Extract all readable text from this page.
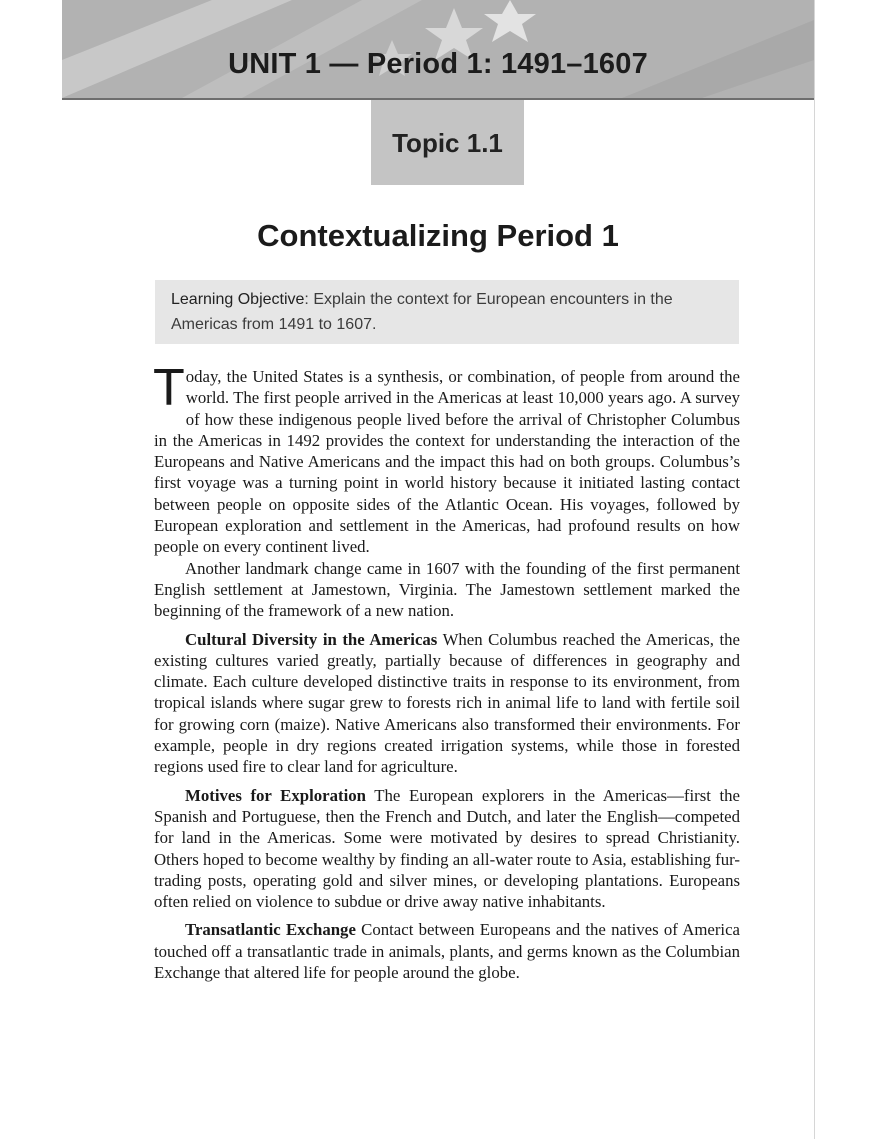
UNIT 1 — Period 1: 1491–1607
Topic 1.1
Contextualizing Period 1
Learning Objective: Explain the context for European encounters in the Americas from 1491 to 1607.

Today, the United States is a synthesis, or combination, of people from around the world. The first people arrived in the Americas at least 10,000 years ago. A survey of how these indigenous people lived before the arrival of Christopher Columbus in the Americas in 1492 provides the context for understanding the interaction of the Europeans and Native Americans and the impact this had on both groups. Columbus’s first voyage was a turning point in world history because it initiated lasting contact between people on opposite sides of the Atlantic Ocean. His voyages, followed by European exploration and settlement in the Americas, had profound results on how people on every continent lived.

Another landmark change came in 1607 with the founding of the first permanent English settlement at Jamestown, Virginia. The Jamestown settlement marked the beginning of the framework of a new nation.

Cultural Diversity in the Americas When Columbus reached the Americas, the existing cultures varied greatly, partially because of differences in geography and climate. Each culture developed distinctive traits in response to its environment, from tropical islands where sugar grew to forests rich in animal life to land with fertile soil for growing corn (maize). Native Americans also transformed their environments. For example, people in dry regions created irrigation systems, while those in forested regions used fire to clear land for agriculture.

Motives for Exploration The European explorers in the Americas—first the Spanish and Portuguese, then the French and Dutch, and later the English—competed for land in the Americas. Some were motivated by desires to spread Christianity. Others hoped to become wealthy by finding an all-water route to Asia, establishing fur-trading posts, operating gold and silver mines, or developing plantations. Europeans often relied on violence to subdue or drive away native inhabitants.

Transatlantic Exchange Contact between Europeans and the natives of America touched off a transatlantic trade in animals, plants, and germs known as the Columbian Exchange that altered life for people around the globe.
